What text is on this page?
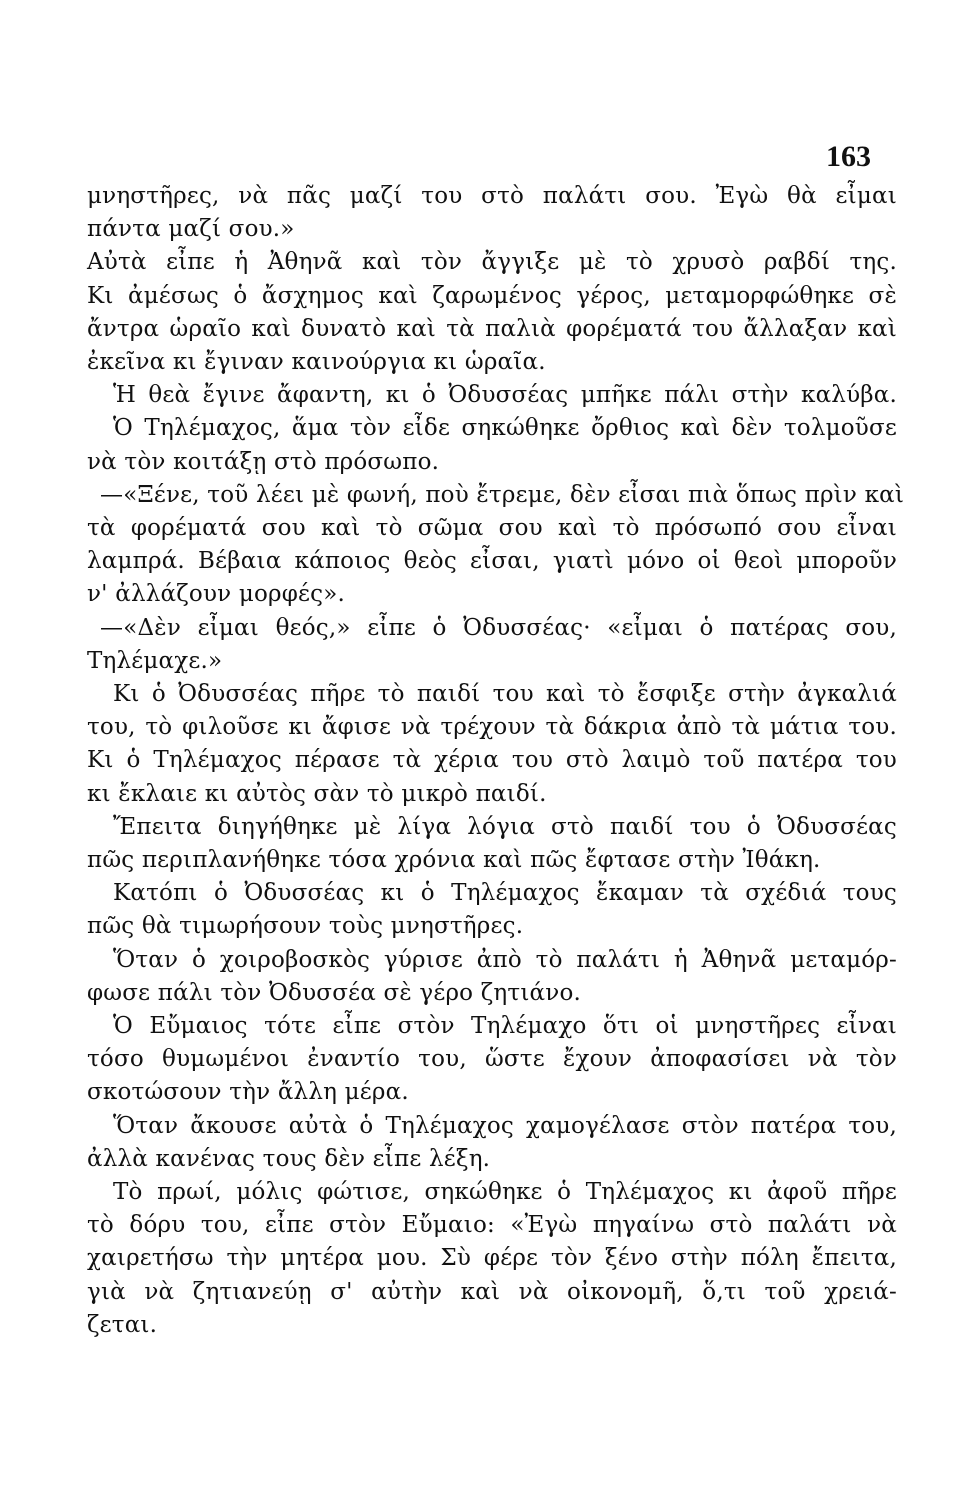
163
μνηστῆρες, νὰ πᾶς μαζί του στὸ παλάτι σου. Ἐγὼ θὰ εἶμαι
πάντα μαζί σου.»
Αὐτὰ εἶπε ἡ Ἀθηνᾶ καὶ τὸν ἄγγιξε μὲ τὸ χρυσὸ ραβδί της.
Κι ἀμέσως ὁ ἄσχημος καὶ ζαρωμένος γέρος, μεταμορφώθηκε σὲ
ἄντρα ὡραῖο καὶ δυνατὸ καὶ τὰ παλιὰ φορέματά του ἄλλαξαν καὶ
ἐκεῖνα κι ἔγιναν καινούργια κι ὡραῖα.
Ἡ θεὰ ἔγινε ἄφαντη, κι ὁ Ὀδυσσέας μπῆκε πάλι στὴν καλύβα.
Ὁ Τηλέμαχος, ἅμα τὸν εἶδε σηκώθηκε ὄρθιος καὶ δὲν τολμοῦσε
νὰ τὸν κοιτάξῃ στὸ πρόσωπο.
—«Ξένε, τοῦ λέει μὲ φωνή, ποὺ ἔτρεμε, δὲν εἶσαι πιὰ ὅπως πρὶν καὶ
τὰ φορέματά σου καὶ τὸ σῶμα σου καὶ τὸ πρόσωπό σου εἶναι
λαμπρά. Βέβαια κάποιος θεὸς εἶσαι, γιατὶ μόνο οἱ θεοὶ μποροῦν
ν' ἀλλάζουν μορφές».
—«Δὲν εἶμαι θεός,» εἶπε ὁ Ὀδυσσέας· «εἶμαι ὁ πατέρας σου,
Τηλέμαχε.»
Κι ὁ Ὀδυσσέας πῆρε τὸ παιδί του καὶ τὸ ἔσφιξε στὴν ἀγκαλιά
του, τὸ φιλοῦσε κι ἄφισε νὰ τρέχουν τὰ δάκρια ἀπὸ τὰ μάτια του.
Κι ὁ Τηλέμαχος πέρασε τὰ χέρια του στὸ λαιμὸ τοῦ πατέρα του
κι ἔκλαιε κι αὐτὸς σὰν τὸ μικρὸ παιδί.
Ἔπειτα διηγήθηκε μὲ λίγα λόγια στὸ παιδί του ὁ Ὀδυσσέας
πῶς περιπλανήθηκε τόσα χρόνια καὶ πῶς ἔφτασε στὴν Ἰθάκη.
Κατόπι ὁ Ὀδυσσέας κι ὁ Τηλέμαχος ἔκαμαν τὰ σχέδιά τους
πῶς θὰ τιμωρήσουν τοὺς μνηστῆρες.
Ὅταν ὁ χοιροβοσκὸς γύρισε ἀπὸ τὸ παλάτι ἡ Ἀθηνᾶ μεταμόρ-
φωσε πάλι τὸν Ὀδυσσέα σὲ γέρο ζητιάνο.
Ὁ Εὔμαιος τότε εἶπε στὸν Τηλέμαχο ὅτι οἱ μνηστῆρες εἶναι
τόσο θυμωμένοι ἐναντίο του, ὥστε ἔχουν ἀποφασίσει νὰ τὸν
σκοτώσουν τὴν ἄλλη μέρα.
Ὅταν ἄκουσε αὐτὰ ὁ Τηλέμαχος χαμογέλασε στὸν πατέρα του,
ἀλλὰ κανένας τους δὲν εἶπε λέξη.
Τὸ πρωί, μόλις φώτισε, σηκώθηκε ὁ Τηλέμαχος κι ἀφοῦ πῆρε
τὸ δόρυ του, εἶπε στὸν Εὔμαιο: «Ἐγὼ πηγαίνω στὸ παλάτι νὰ
χαιρετήσω τὴν μητέρα μου. Σὺ φέρε τὸν ξένο στὴν πόλη ἔπειτα,
γιὰ νὰ ζητιανεύῃ σ' αὐτὴν καὶ νὰ οἰκονομῆ, ὅ,τι τοῦ χρειά-
ζεται.
